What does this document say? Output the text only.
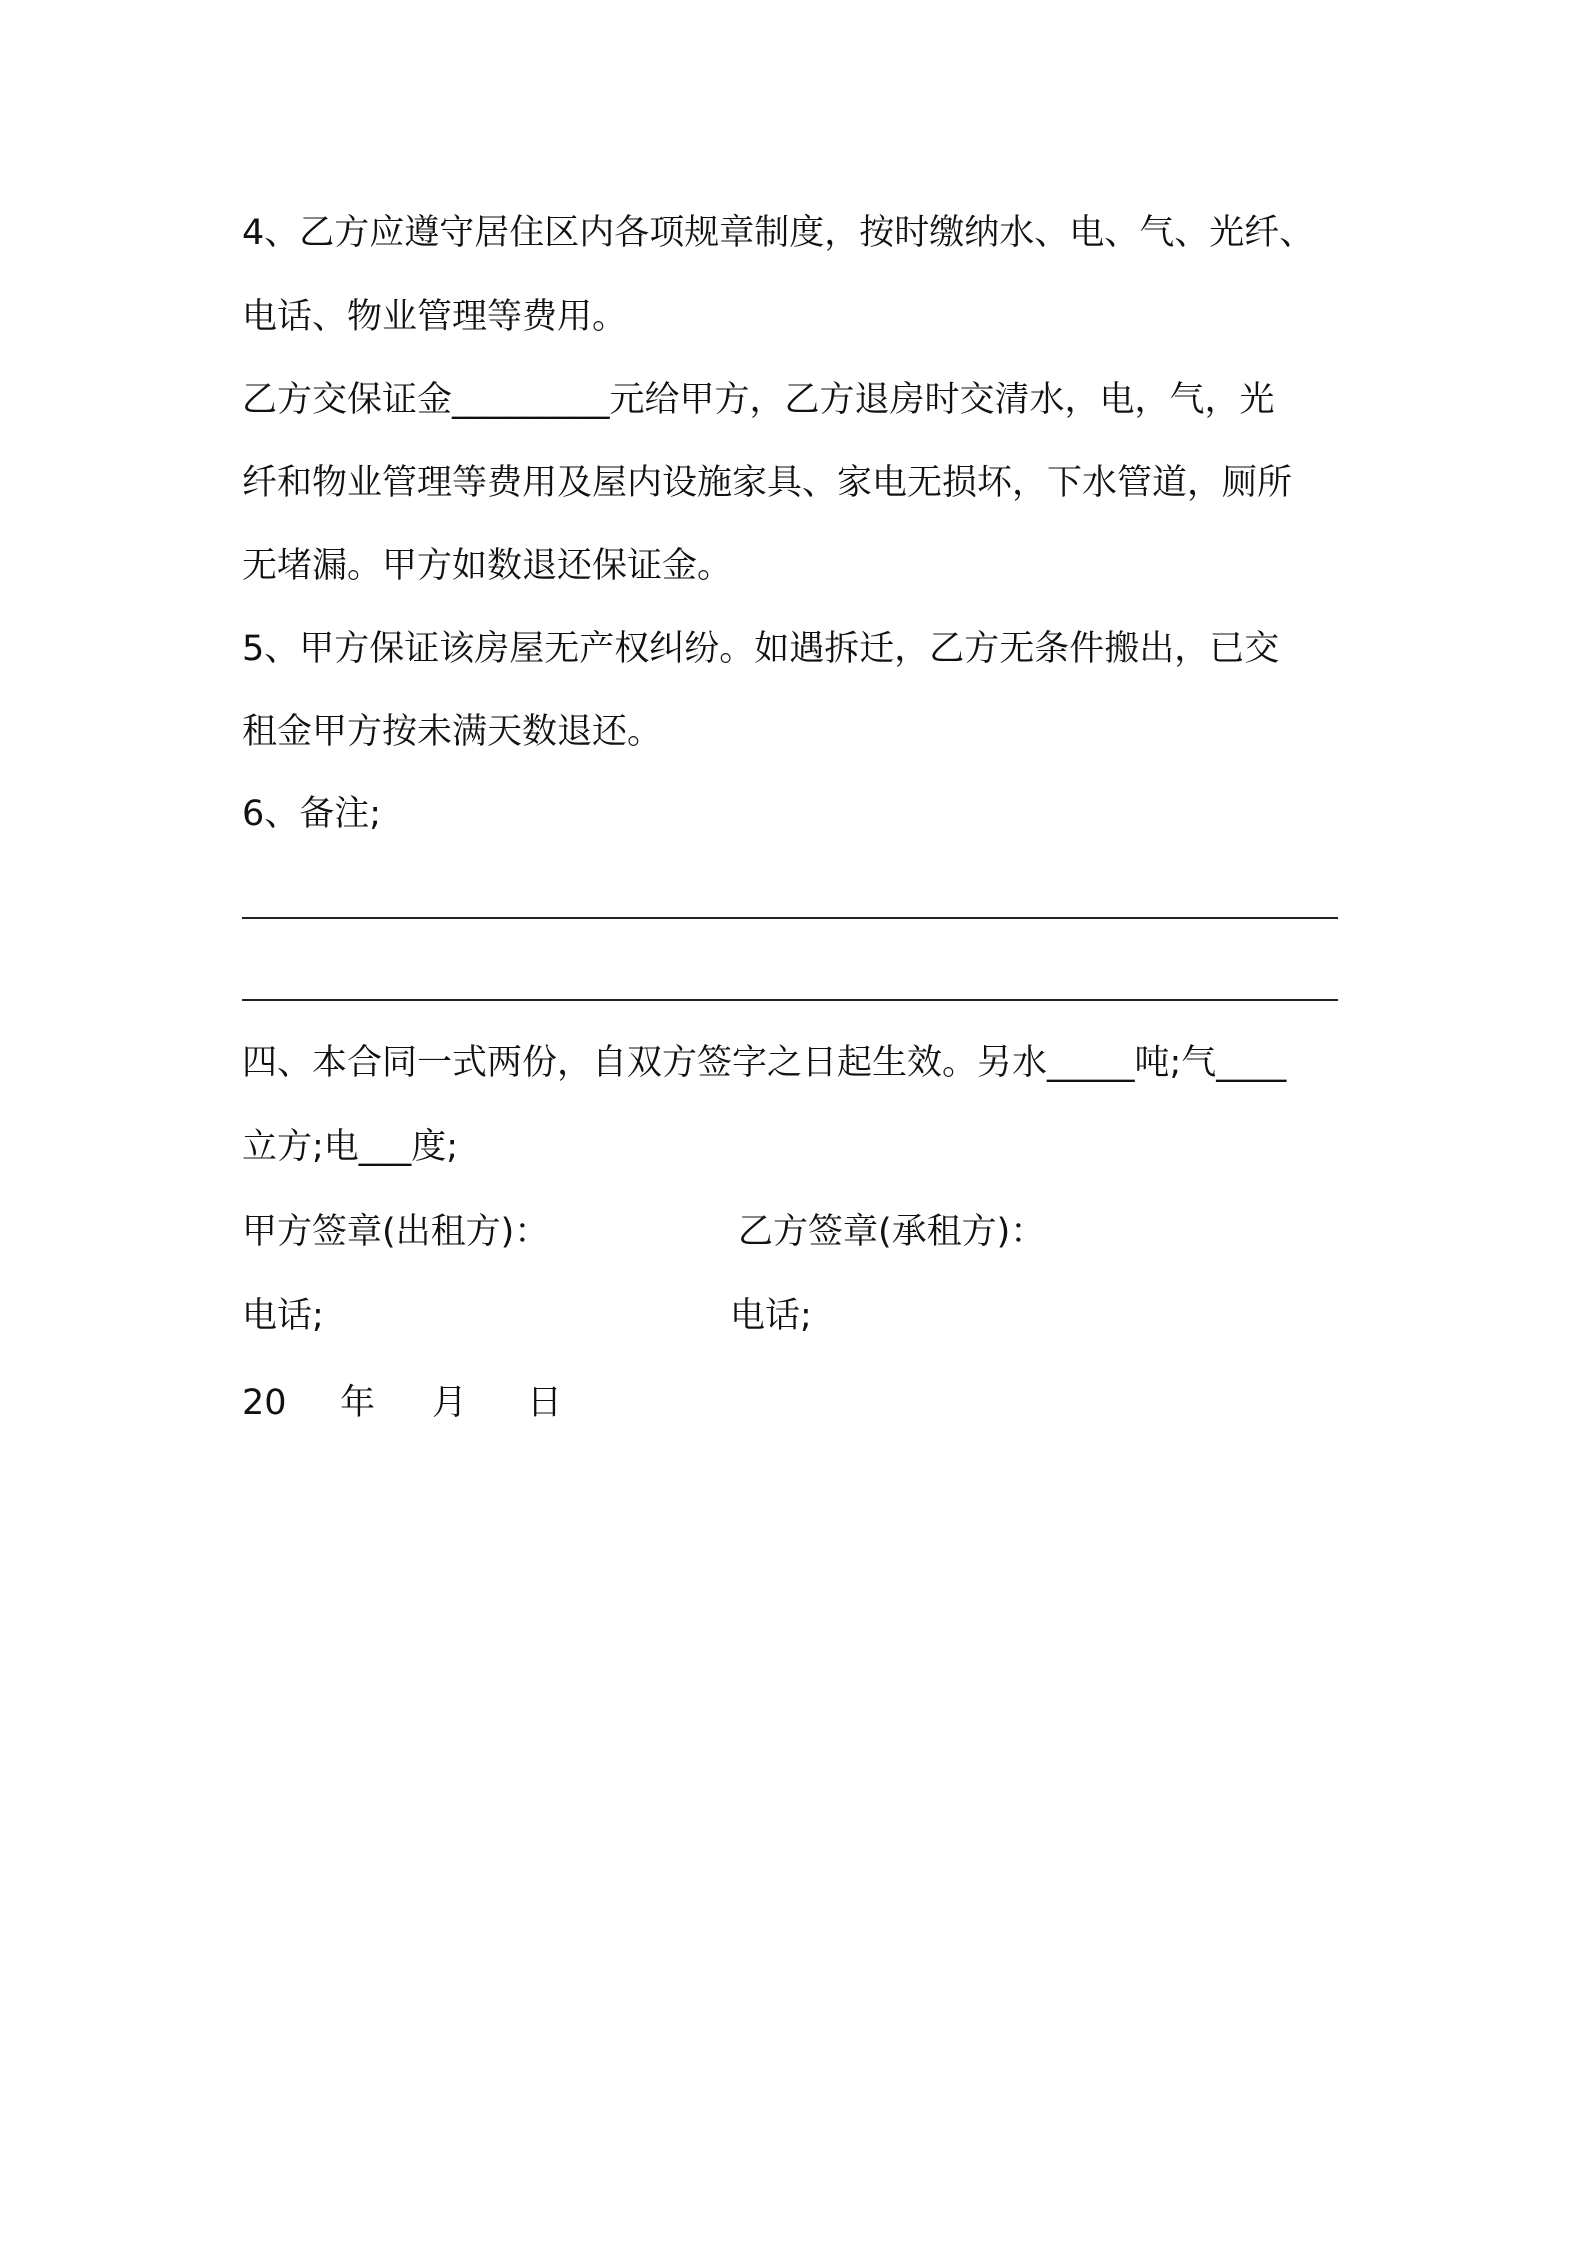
4、乙方应遵守居住区内各项规章制度，按时缴纳水、电、气、光纤、
电话、物业管理等费用。
乙方交保证金_________元给甲方，乙方退房时交清水，电，气，光
纤和物业管理等费用及屋内设施家具、家电无损坏，下水管道，厕所
无堵漏。甲方如数退还保证金。
5、甲方保证该房屋无产权纠纷。如遇拆迁，乙方无条件搬出，已交
租金甲方按未满天数退还。
6、备注;
四、本合同一式两份，自双方签字之日起生效。另水_____吨;气____
立方;电___度;
甲方签章(出租方)：	乙方签章(承租方)：
电话;	电话;
20 年 月 日
